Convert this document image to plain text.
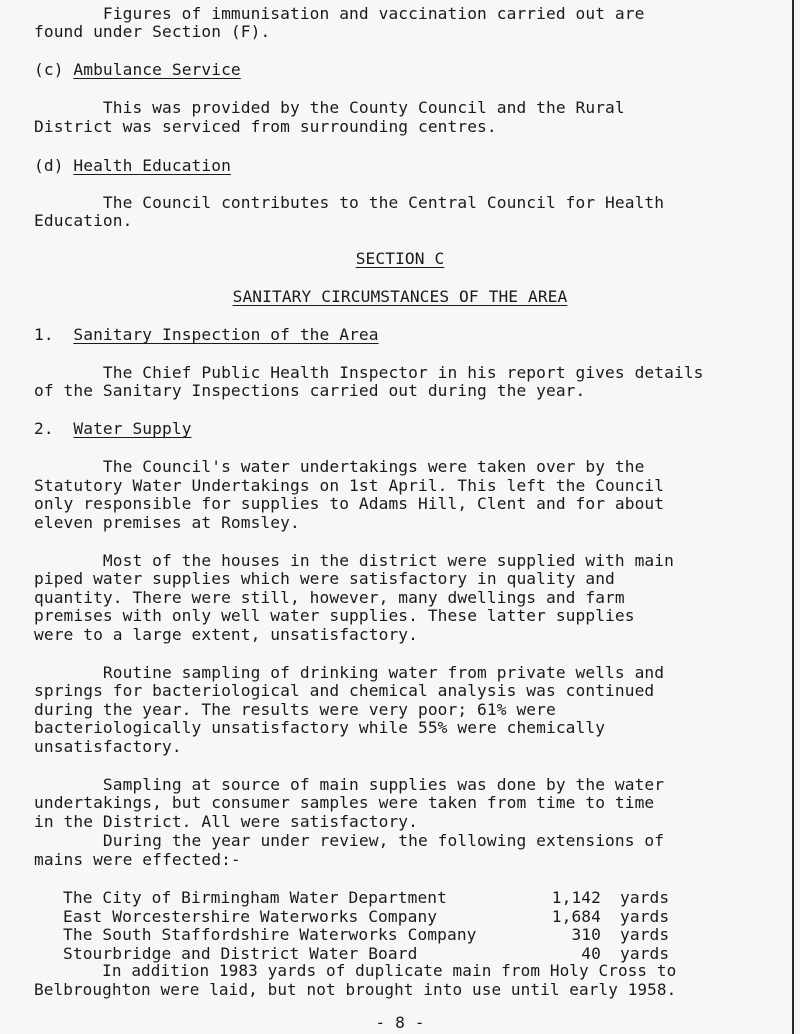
Figures of immunisation and vaccination carried out are

found under Section (F).

(c) Ambulance Service

This was provided by the County Council and the Rural

District was serviced from surrounding centres.

(d) Health Education

The Council contributes to the Central Council for Health

Education.

SECTION C

SANITARY CIRCUMSTANCES OF THE AREA

1.  Sanitary Inspection of the Area

The Chief Public Health Inspector in his report gives details

of the Sanitary Inspections carried out during the year.

2.  Water Supply

The Council's water undertakings were taken over by the

Statutory Water Undertakings on 1st April. This left the Council

only responsible for supplies to Adams Hill, Clent and for about

eleven premises at Romsley.

Most of the houses in the district were supplied with main

piped water supplies which were satisfactory in quality and

quantity. There were still, however, many dwellings and farm

premises with only well water supplies. These latter supplies

were to a large extent, unsatisfactory.

Routine sampling of drinking water from private wells and

springs for bacteriological and chemical analysis was continued

during the year. The results were very poor; 61% were

bacteriologically unsatisfactory while 55% were chemically

unsatisfactory.

Sampling at source of main supplies was done by the water

undertakings, but consumer samples were taken from time to time

in the District. All were satisfactory.

During the year under review, the following extensions of

mains were effected:-

The City of Birmingham Water Department	1,142 yards
East Worcestershire Waterworks Company	1,684 yards
The South Staffordshire Waterworks Company	310 yards
Stourbridge and District Water Board	40 yards

In addition 1983 yards of duplicate main from Holy Cross to

Belbroughton were laid, but not brought into use until early 1958.

- 8 -
